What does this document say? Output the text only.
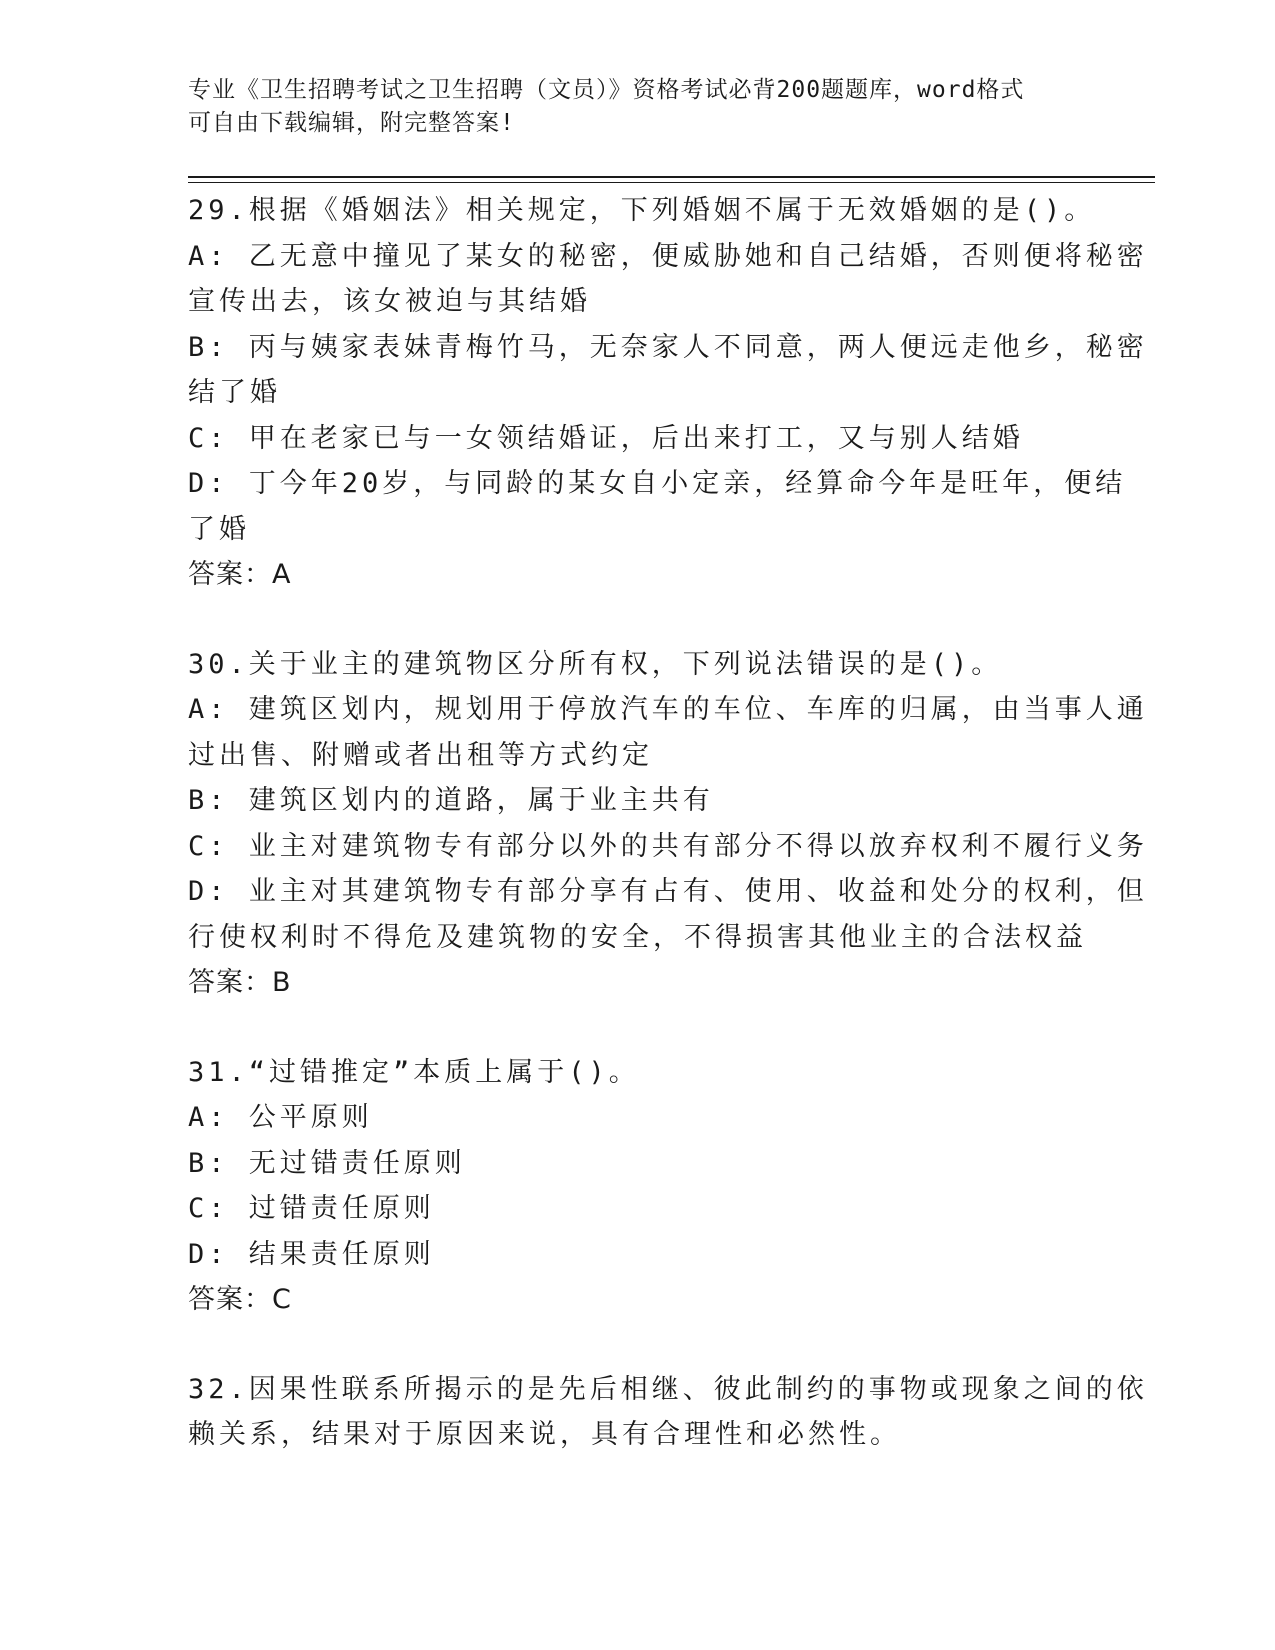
专业《卫生招聘考试之卫生招聘（文员）》资格考试必背200题题库，word格式
可自由下载编辑，附完整答案!
29.根据《婚姻法》相关规定，下列婚姻不属于无效婚姻的是()。
A: 乙无意中撞见了某女的秘密，便威胁她和自己结婚，否则便将秘密
宣传出去，该女被迫与其结婚
B: 丙与姨家表妹青梅竹马，无奈家人不同意，两人便远走他乡，秘密
结了婚
C: 甲在老家已与一女领结婚证，后出来打工，又与别人结婚
D: 丁今年20岁，与同龄的某女自小定亲，经算命今年是旺年，便结
了婚
答案：A
30.关于业主的建筑物区分所有权，下列说法错误的是()。
A: 建筑区划内，规划用于停放汽车的车位、车库的归属，由当事人通
过出售、附赠或者出租等方式约定
B: 建筑区划内的道路，属于业主共有
C: 业主对建筑物专有部分以外的共有部分不得以放弃权利不履行义务
D: 业主对其建筑物专有部分享有占有、使用、收益和处分的权利，但
行使权利时不得危及建筑物的安全，不得损害其他业主的合法权益
答案：B
31.“过错推定”本质上属于()。
A: 公平原则
B: 无过错责任原则
C: 过错责任原则
D: 结果责任原则
答案：C
32.因果性联系所揭示的是先后相继、彼此制约的事物或现象之间的依
赖关系，结果对于原因来说，具有合理性和必然性。
